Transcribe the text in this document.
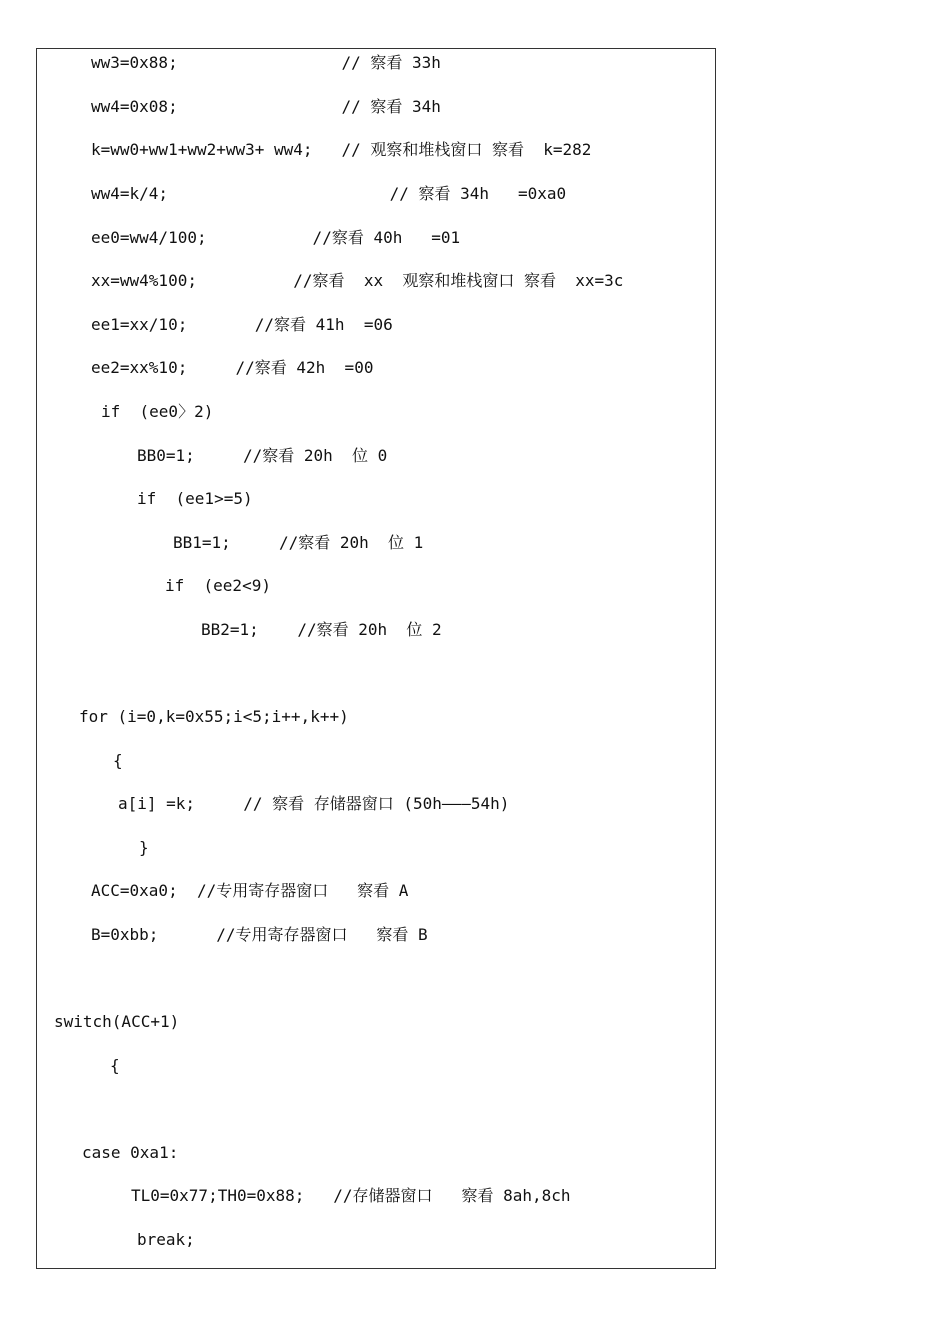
ww3=0x88;                 // 察看 33h
ww4=0x08;                 // 察看 34h
k=ww0+ww1+ww2+ww3+ ww4;   // 观察和堆栈窗口 察看  k=282
ww4=k/4;                       // 察看 34h   =0xa0
ee0=ww4/100;           //察看 40h   =01
xx=ww4%100;          //察看  xx  观察和堆栈窗口 察看  xx=3c
ee1=xx/10;       //察看 41h  =06
ee2=xx%10;     //察看 42h  =00
if  (ee0〉2)
BB0=1;     //察看 20h  位 0
if  (ee1>=5)
BB1=1;     //察看 20h  位 1
if  (ee2<9)
BB2=1;    //察看 20h  位 2
for (i=0,k=0x55;i<5;i++,k++)
{
a[i] =k;     // 察看 存储器窗口 (50h———54h)
}
ACC=0xa0;  //专用寄存器窗口   察看 A
B=0xbb;      //专用寄存器窗口   察看 B
switch(ACC+1)
{
case 0xa1:
TL0=0x77;TH0=0x88;   //存储器窗口   察看 8ah,8ch
break;
